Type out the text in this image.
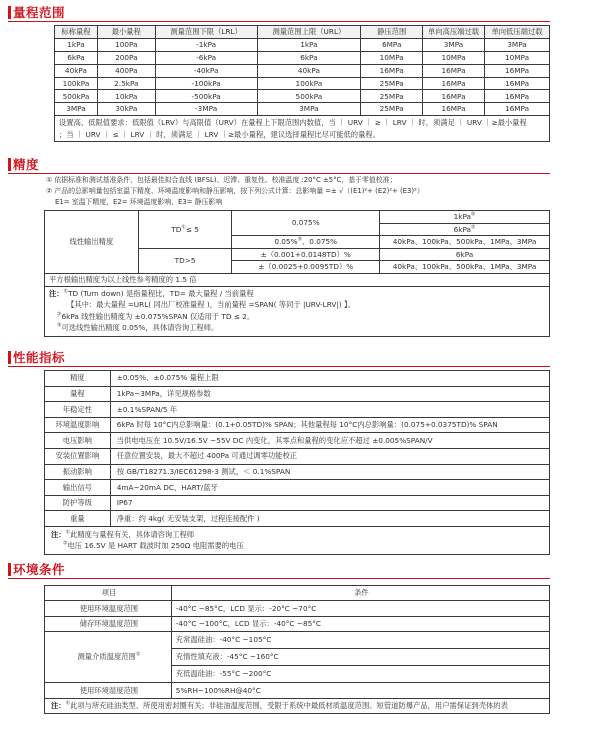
量程范围
标称量程	最小量程	测量范围下限（LRL）	测量范围上限（URL）	静压范围	单向高压端过载	单向低压端过载
1kPa	100Pa	-1kPa	1kPa	6MPa	3MPa	3MPa
6kPa	200Pa	-6kPa	6kPa	10MPa	10MPa	10MPa
40kPa	400Pa	-40kPa	40kPa	16MPa	16MPa	16MPa
100kPa	2.5kPa	-100kPa	100kPa	25MPa	16MPa	16MPa
500kPa	10kPa	-500kPa	500kPa	25MPa	16MPa	16MPa
3MPa	30kPa	-3MPa	3MPa	25MPa	16MPa	16MPa
设置高、低限值要求：低限值（LRV）与高限值（URV）在量程上下限范围内数值，当 ｜ URV ｜ ≥ ｜ LRV ｜ 时，须满足 ｜ URV ｜≥最小量程
；当 ｜ URV ｜ ≤ ｜ LRV ｜ 时，须满足 ｜ LRV ｜≥最小量程，建议选择量程比尽可能低的量程。						
精度
① 依据标准和测试基准条件，包括最佳拟合直线 (BFSL)、迟滞、重复性。校准温度 :20°C ±5°C，基于零值校准；
② 产品的总影响量包括室温下精度、环境温度影响和静压影响，按下列公式计算：总影响量 =± √（(E1)²+ (E2)²+ (E3)²）
E1= 室温下精度，E2= 环境温度影响，E3= 静压影响
线性输出精度	TD①≤ 5	0.075%	1kPa②
			6kPa②
		0.05%③、0.075%	40kPa、100kPa、500kPa、1MPa、3MPa
	TD>5	±（0.001+0.0148TD）%	6kPa
		±（0.0025+0.0095TD）%	40kPa、100kPa、500kPa、1MPa、3MPa
平方根输出精度为以上线性参考精度的 1.5 倍			
注：①TD (Turn down) 是指量程比，TD= 最大量程 / 当前量程
【其中：最大量程 =URL( 同出厂校准量程 )，当前量程 =SPAN( 等同于 |URV-LRV|) 】。
②6kPa 线性输出精度为 ±0.075%SPAN 仅适用于 TD ≤ 2。
③可选线性输出精度 0.05%，具体请咨询工程师。			
性能指标
精度	±0.05%、±0.075% 量程上限
量程	1kPa~3MPa，详见规格参数
年稳定性	±0.1%SPAN/5 年
环境温度影响	6kPa 时每 10°C内总影响量：(0.1+0.05TD)% SPAN；其他量程每 10°C内总影响量：(0.075+0.0375TD)% SPAN
电压影响	当供电电压在 10.5V/16.5V ~55V DC 内变化，其零点和量程的变化应不超过 ±0.005%SPAN/V
安装位置影响	任意位置安装，最大不超过 400Pa 可通过调零功能校正
振动影响	按 GB/T18271.3/IEC61298-3 测试，＜ 0.1%SPAN
输出信号	4mA~20mA DC，HART/蓝牙
防护等级	IP67
重量	净重：约 4kg( 无安装支架，过程连接配件 )
注：①此精度与量程有关，具体请咨询工程师
②电压 16.5V 是 HART 载波时加 250Ω 电阻需要的电压	
环境条件
项目	条件
使用环境温度范围	-40°C ~85°C，LCD 显示：-20°C ~70°C
储存环境温度范围	-40°C ~100°C，LCD 显示：-40°C ~85°C
测量介质温度范围①	充常温硅油：-40°C ~105°C
	充惰性填充液：-45°C ~160°C
	充低温硅油：-55°C ~200°C
使用环境湿度范围	5%RH~100%RH@40°C
注：①此项与所充硅油类型、所使用密封圈有关；非硅油温度范围，受限于系统中最低材质温度范围。短管道防爆产品，用户需保证到壳体的表	
